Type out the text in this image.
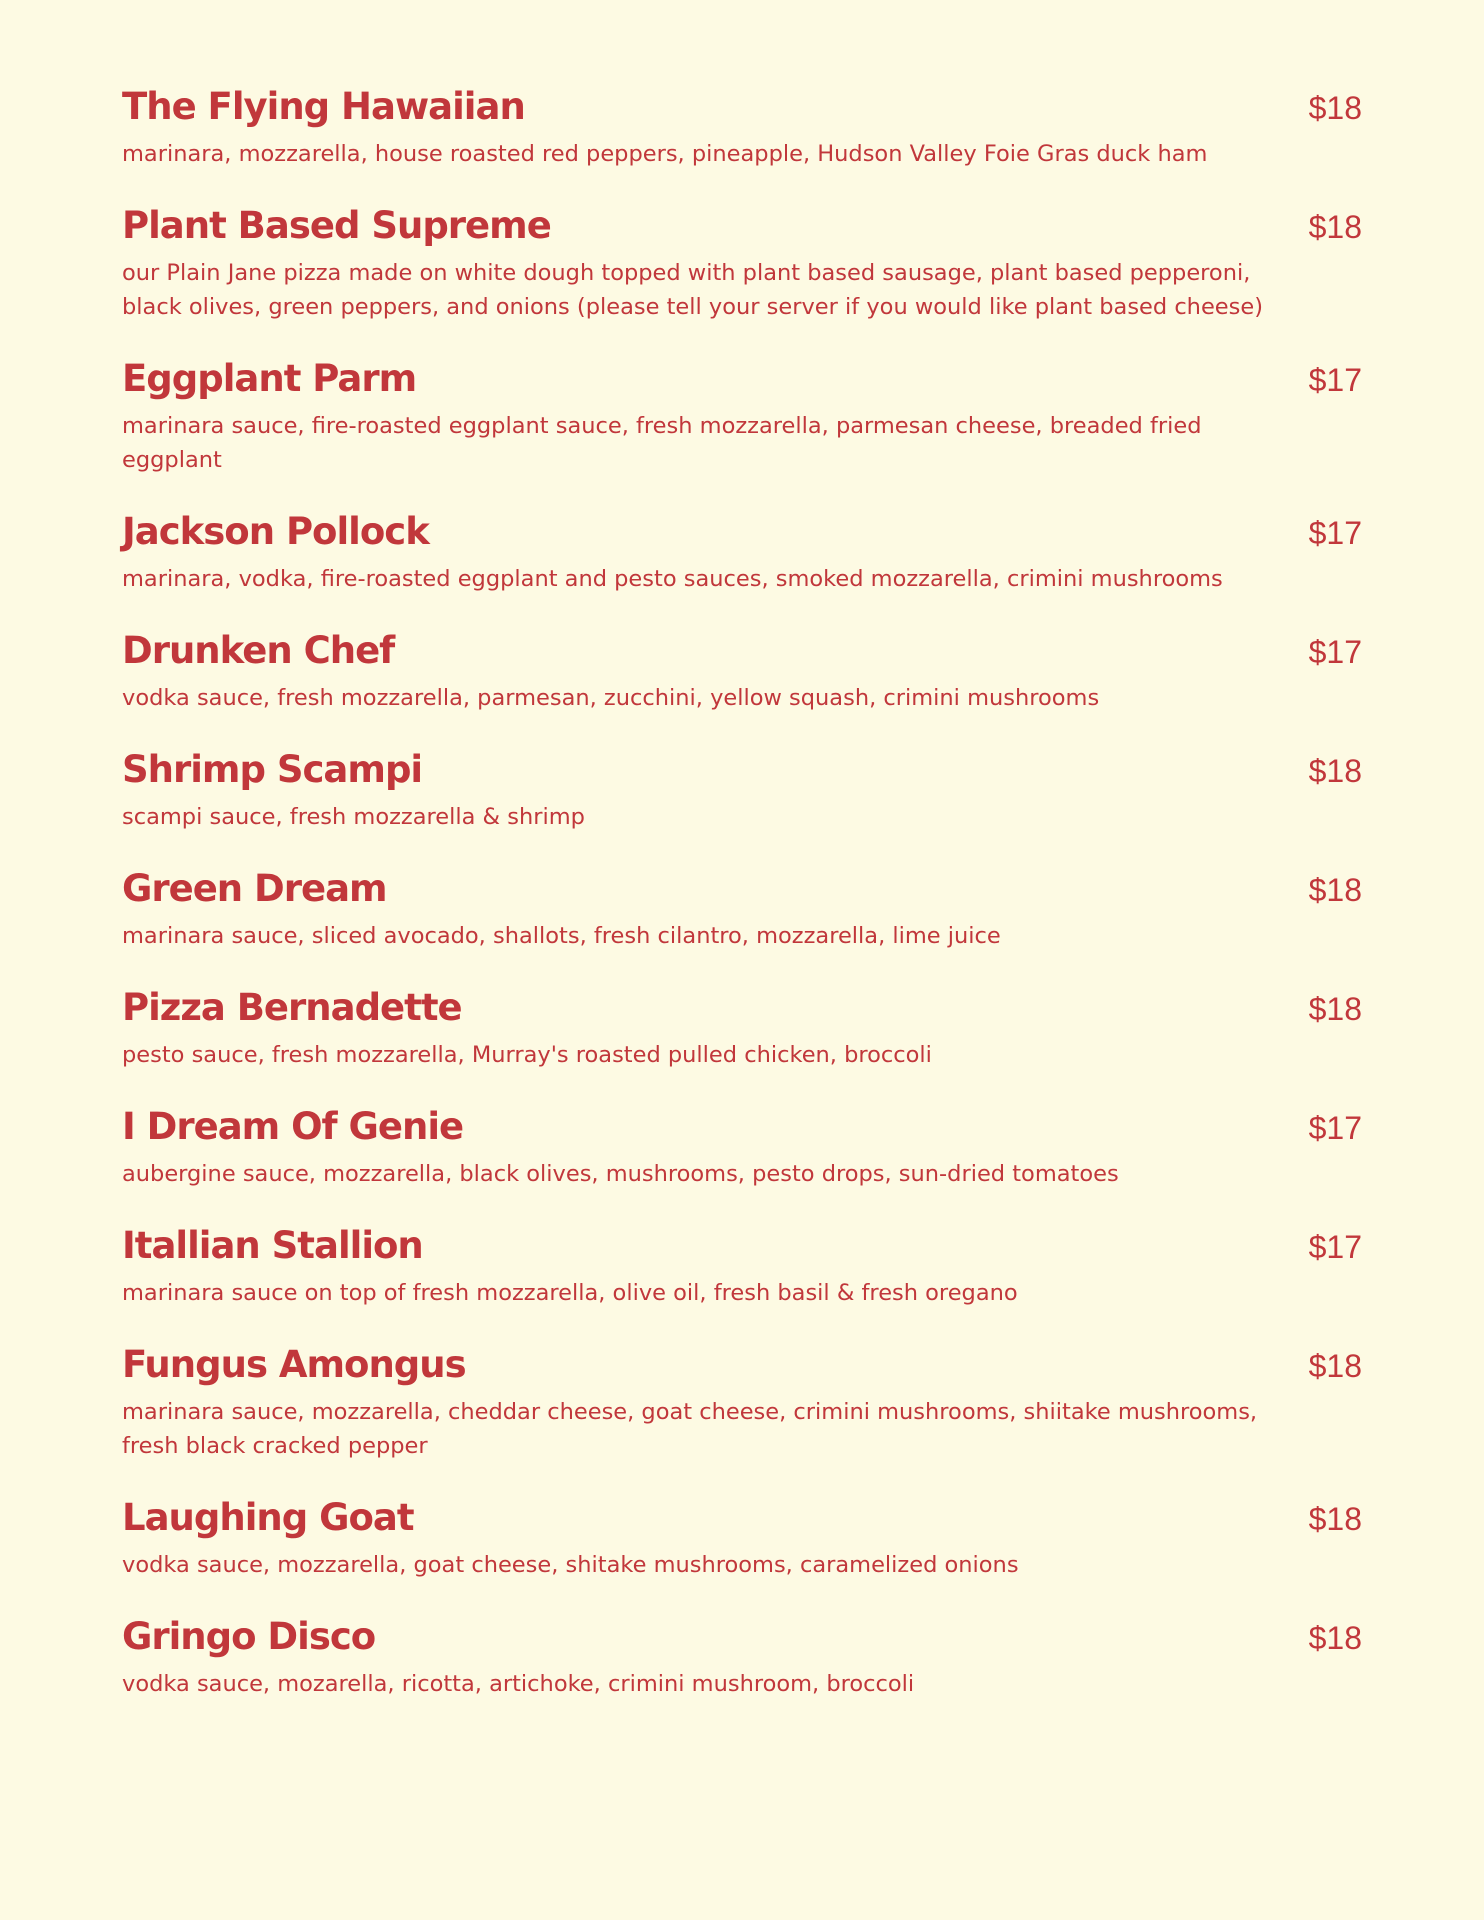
The Flying Hawaiian	$18
marinara, mozzarella, house roasted red peppers, pineapple, Hudson Valley Foie Gras duck ham
Plant Based Supreme	$18
our Plain Jane pizza made on white dough topped with plant based sausage, plant based pepperoni, black olives, green peppers, and onions (please tell your server if you would like plant based cheese)
Eggplant Parm	$17
marinara sauce, fire-roasted eggplant sauce, fresh mozzarella, parmesan cheese, breaded fried eggplant
Jackson Pollock	$17
marinara, vodka, fire-roasted eggplant and pesto sauces, smoked mozzarella, crimini mushrooms
Drunken Chef	$17
vodka sauce, fresh mozzarella, parmesan, zucchini, yellow squash, crimini mushrooms
Shrimp Scampi	$18
scampi sauce, fresh mozzarella & shrimp
Green Dream	$18
marinara sauce, sliced avocado, shallots, fresh cilantro, mozzarella, lime juice
Pizza Bernadette	$18
pesto sauce, fresh mozzarella, Murray's roasted pulled chicken, broccoli
I Dream Of Genie	$17
aubergine sauce, mozzarella, black olives, mushrooms, pesto drops, sun-dried tomatoes
Itallian Stallion	$17
marinara sauce on top of fresh mozzarella, olive oil, fresh basil & fresh oregano
Fungus Amongus	$18
marinara sauce, mozzarella, cheddar cheese, goat cheese, crimini mushrooms, shiitake mushrooms, fresh black cracked pepper
Laughing Goat	$18
vodka sauce, mozzarella, goat cheese, shitake mushrooms, caramelized onions
Gringo Disco	$18
vodka sauce, mozarella, ricotta, artichoke, crimini mushroom, broccoli
